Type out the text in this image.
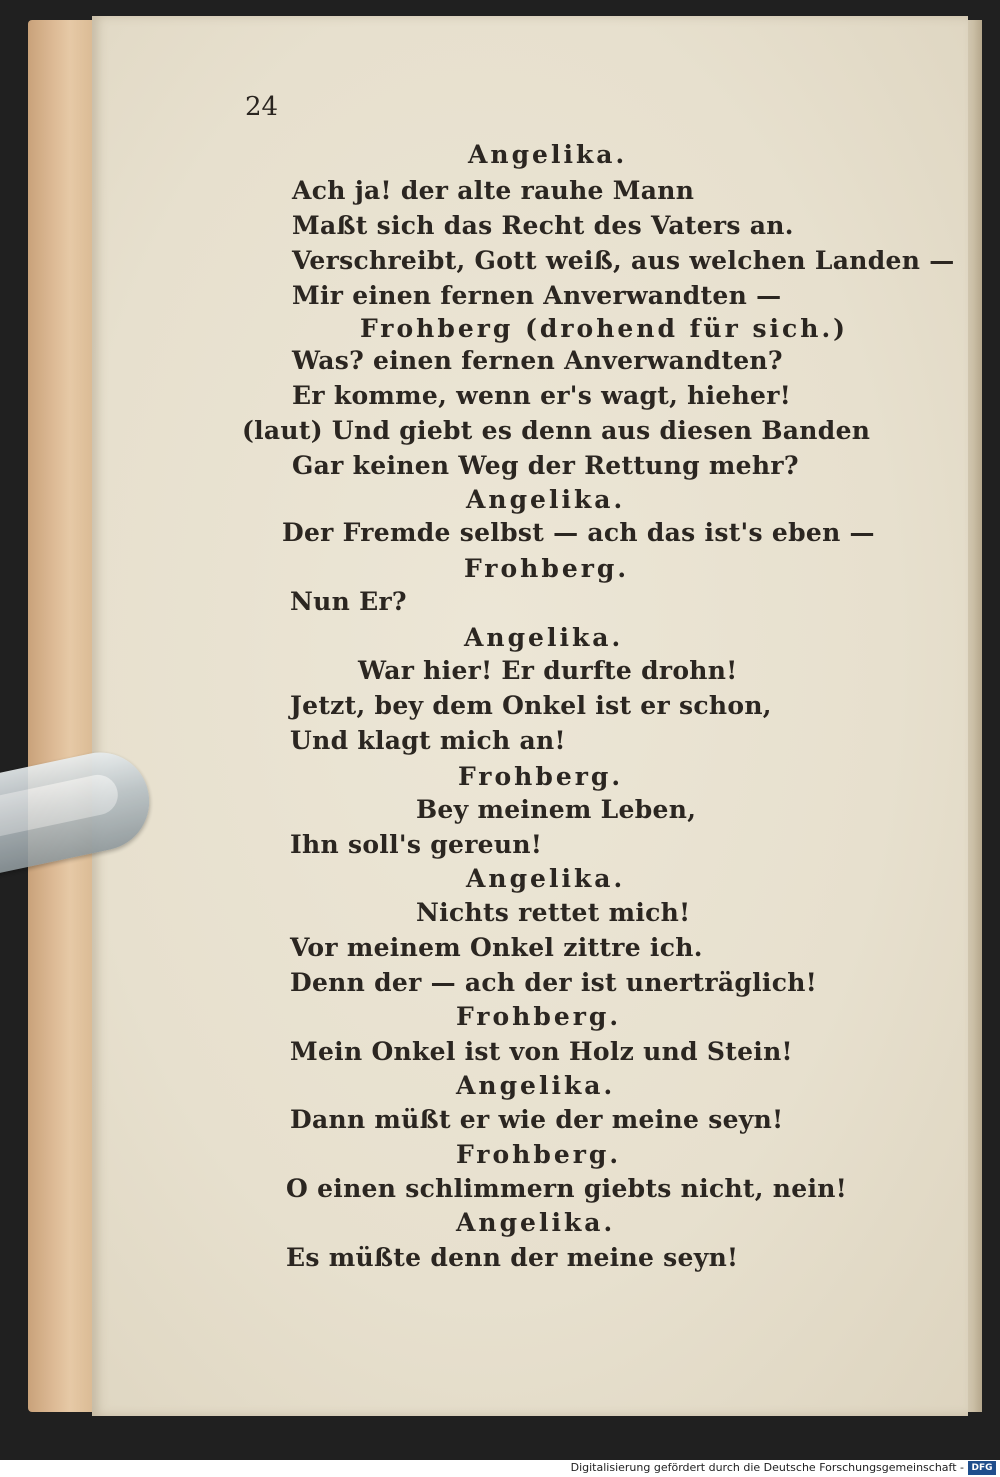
24
Angelika.
Ach ja! der alte rauhe Mann
Maßt sich das Recht des Vaters an.
Verschreibt, Gott weiß, aus welchen Landen —
Mir einen fernen Anverwandten —
Frohberg (drohend für sich.)
Was? einen fernen Anverwandten?
Er komme, wenn er's wagt, hieher!
(laut) Und giebt es denn aus diesen Banden
Gar keinen Weg der Rettung mehr?
Angelika.
Der Fremde selbst — ach das ist's eben —
Frohberg.
Nun Er?
Angelika.
War hier! Er durfte drohn!
Jetzt, bey dem Onkel ist er schon,
Und klagt mich an!
Frohberg.
Bey meinem Leben,
Ihn soll's gereun!
Angelika.
Nichts rettet mich!
Vor meinem Onkel zittre ich.
Denn der — ach der ist unerträglich!
Frohberg.
Mein Onkel ist von Holz und Stein!
Angelika.
Dann müßt er wie der meine seyn!
Frohberg.
O einen schlimmern giebts nicht, nein!
Angelika.
Es müßte denn der meine seyn!
Digitalisierung gefördert durch die Deutsche Forschungsgemeinschaft - DFG
